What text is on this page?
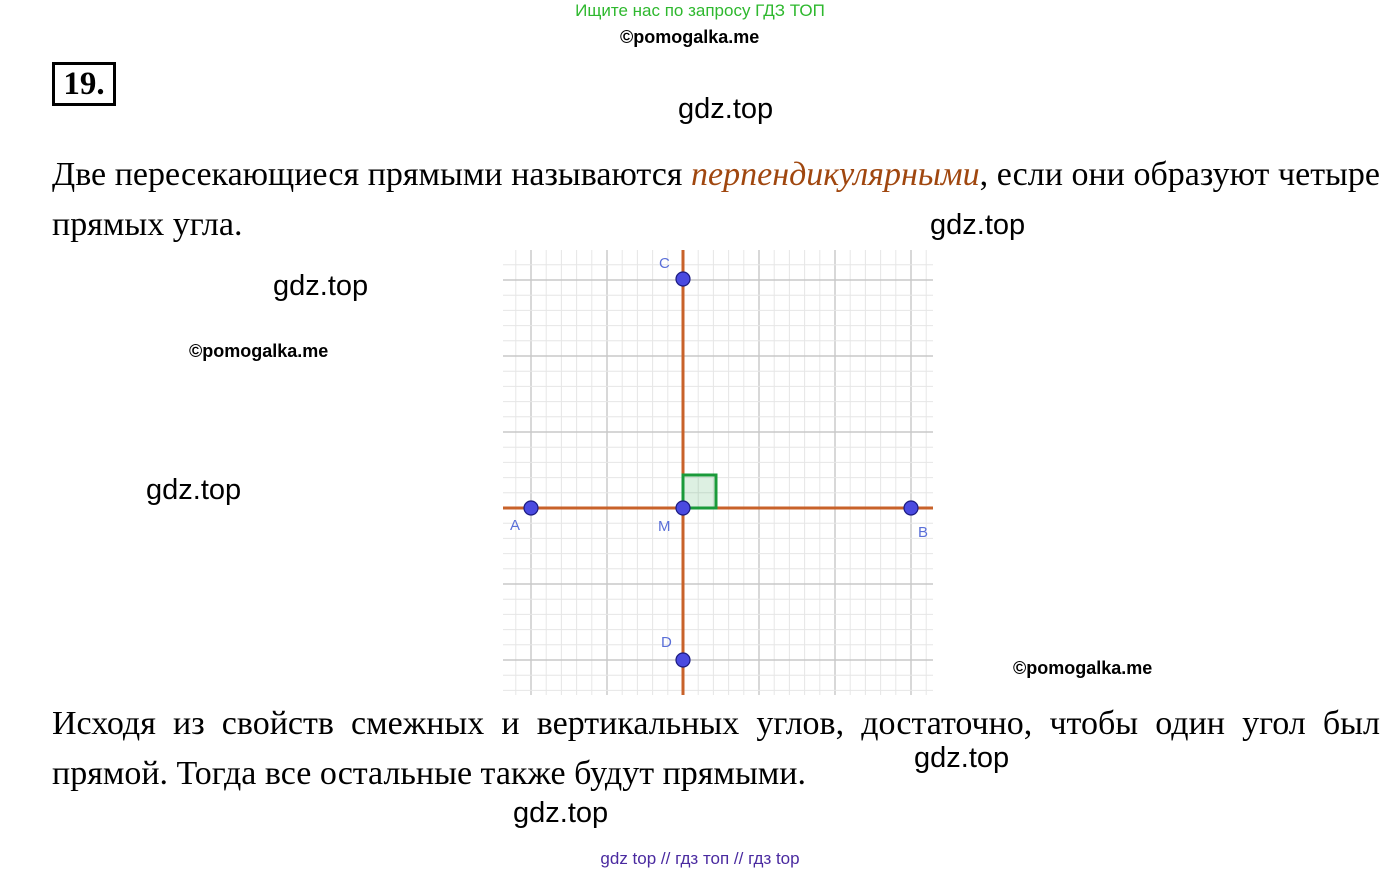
Ищите нас по запросу ГДЗ ТОП
©pomogalka.me
19.
gdz.top
gdz.top
gdz.top
©pomogalka.me
gdz.top
©pomogalka.me
gdz.top
gdz.top
Две пересекающиеся прямыми называются перпендикулярными, если они образуют четыре прямых угла.
A	B
C
D
M
Исходя из свойств смежных и вертикальных углов, достаточно, чтобы один угол был прямой. Тогда все остальные также будут прямыми.
gdz top // гдз топ // гдз top
